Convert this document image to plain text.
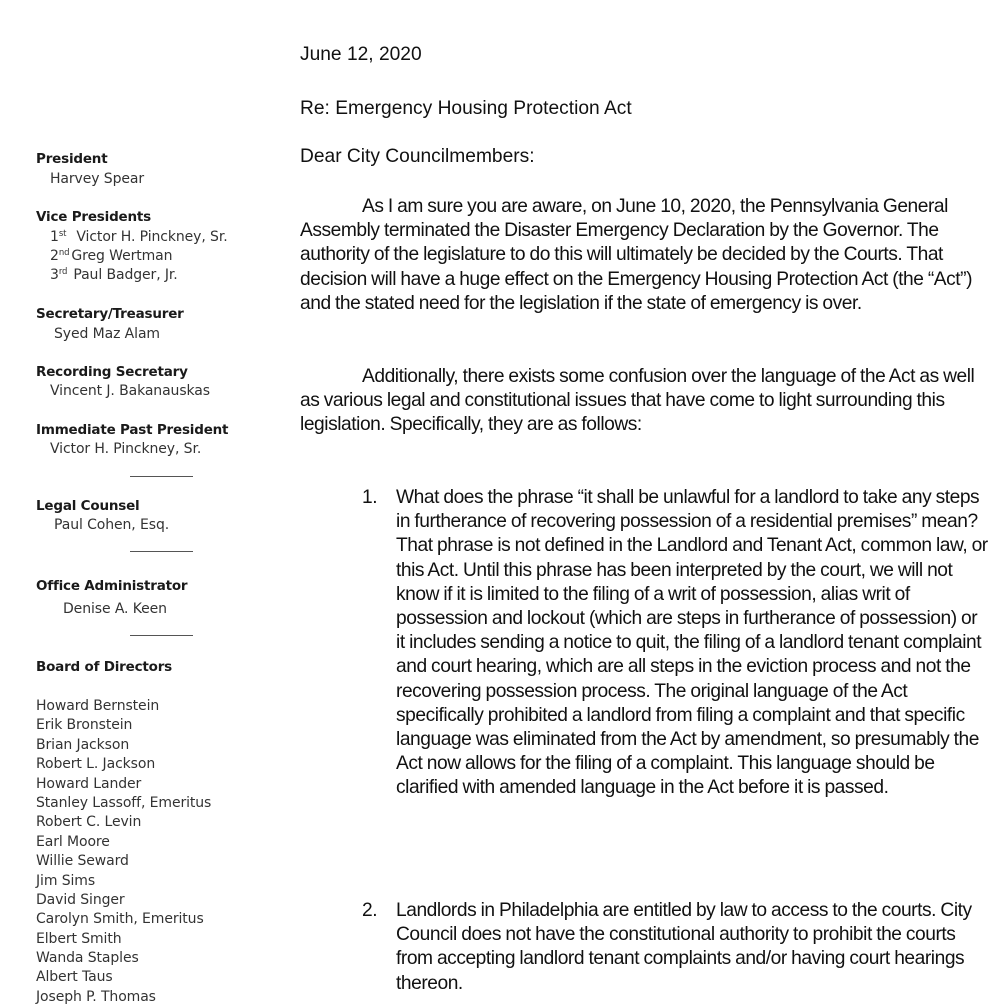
President
Harvey Spear
Vice Presidents
1st Victor H. Pinckney, Sr.
2nd Greg Wertman
3rd Paul Badger, Jr.
Secretary/Treasurer
Syed Maz Alam
Recording Secretary
Vincent J. Bakanauskas
Immediate Past President
Victor H. Pinckney, Sr.
Legal Counsel
Paul Cohen, Esq.
Office Administrator
Denise A. Keen
Board of Directors
Howard Bernstein
Erik Bronstein
Brian Jackson
Robert L. Jackson
Howard Lander
Stanley Lassoff, Emeritus
Robert C. Levin
Earl Moore
Willie Seward
Jim Sims
David Singer
Carolyn Smith, Emeritus
Elbert Smith
Wanda Staples
Albert Taus
Joseph P. Thomas
June 12, 2020
Re: Emergency Housing Protection Act
Dear City Councilmembers:
As I am sure you are aware, on June 10, 2020, the Pennsylvania General Assembly terminated the Disaster Emergency Declaration by the Governor. The authority of the legislature to do this will ultimately be decided by the Courts. That decision will have a huge effect on the Emergency Housing Protection Act (the “Act”) and the stated need for the legislation if the state of emergency is over.
Additionally, there exists some confusion over the language of the Act as well as various legal and constitutional issues that have come to light surrounding this legislation. Specifically, they are as follows:
1. What does the phrase “it shall be unlawful for a landlord to take any steps in furtherance of recovering possession of a residential premises” mean? That phrase is not defined in the Landlord and Tenant Act, common law, or this Act. Until this phrase has been interpreted by the court, we will not know if it is limited to the filing of a writ of possession, alias writ of possession and lockout (which are steps in furtherance of possession) or it includes sending a notice to quit, the filing of a landlord tenant complaint and court hearing, which are all steps in the eviction process and not the recovering possession process. The original language of the Act specifically prohibited a landlord from filing a complaint and that specific language was eliminated from the Act by amendment, so presumably the Act now allows for the filing of a complaint. This language should be clarified with amended language in the Act before it is passed.
2. Landlords in Philadelphia are entitled by law to access to the courts. City Council does not have the constitutional authority to prohibit the courts from accepting landlord tenant complaints and/or having court hearings thereon.
